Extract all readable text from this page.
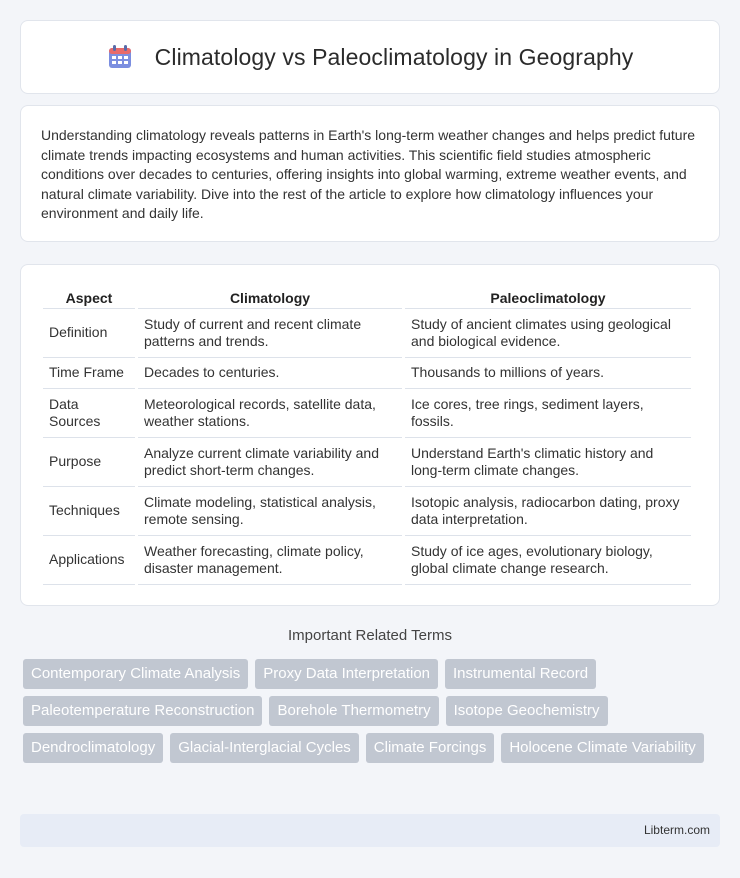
Climatology vs Paleoclimatology in Geography

Understanding climatology reveals patterns in Earth's long-term weather changes and helps predict future climate trends impacting ecosystems and human activities. This scientific field studies atmospheric conditions over decades to centuries, offering insights into global warming, extreme weather events, and natural climate variability. Dive into the rest of the article to explore how climatology influences your environment and daily life.

Aspect	Climatology	Paleoclimatology
Definition	Study of current and recent climate patterns and trends.	Study of ancient climates using geological and biological evidence.
Time Frame	Decades to centuries.	Thousands to millions of years.
Data Sources	Meteorological records, satellite data, weather stations.	Ice cores, tree rings, sediment layers, fossils.
Purpose	Analyze current climate variability and predict short-term changes.	Understand Earth's climatic history and long-term climate changes.
Techniques	Climate modeling, statistical analysis, remote sensing.	Isotopic analysis, radiocarbon dating, proxy data interpretation.
Applications	Weather forecasting, climate policy, disaster management.	Study of ice ages, evolutionary biology, global climate change research.
Important Related Terms
Contemporary Climate Analysis	Proxy Data Interpretation	Instrumental Record
Paleotemperature Reconstruction	Borehole Thermometry	Isotope Geochemistry
Dendroclimatology	Glacial-Interglacial Cycles	Climate Forcings	Holocene Climate Variability
Libterm.com
